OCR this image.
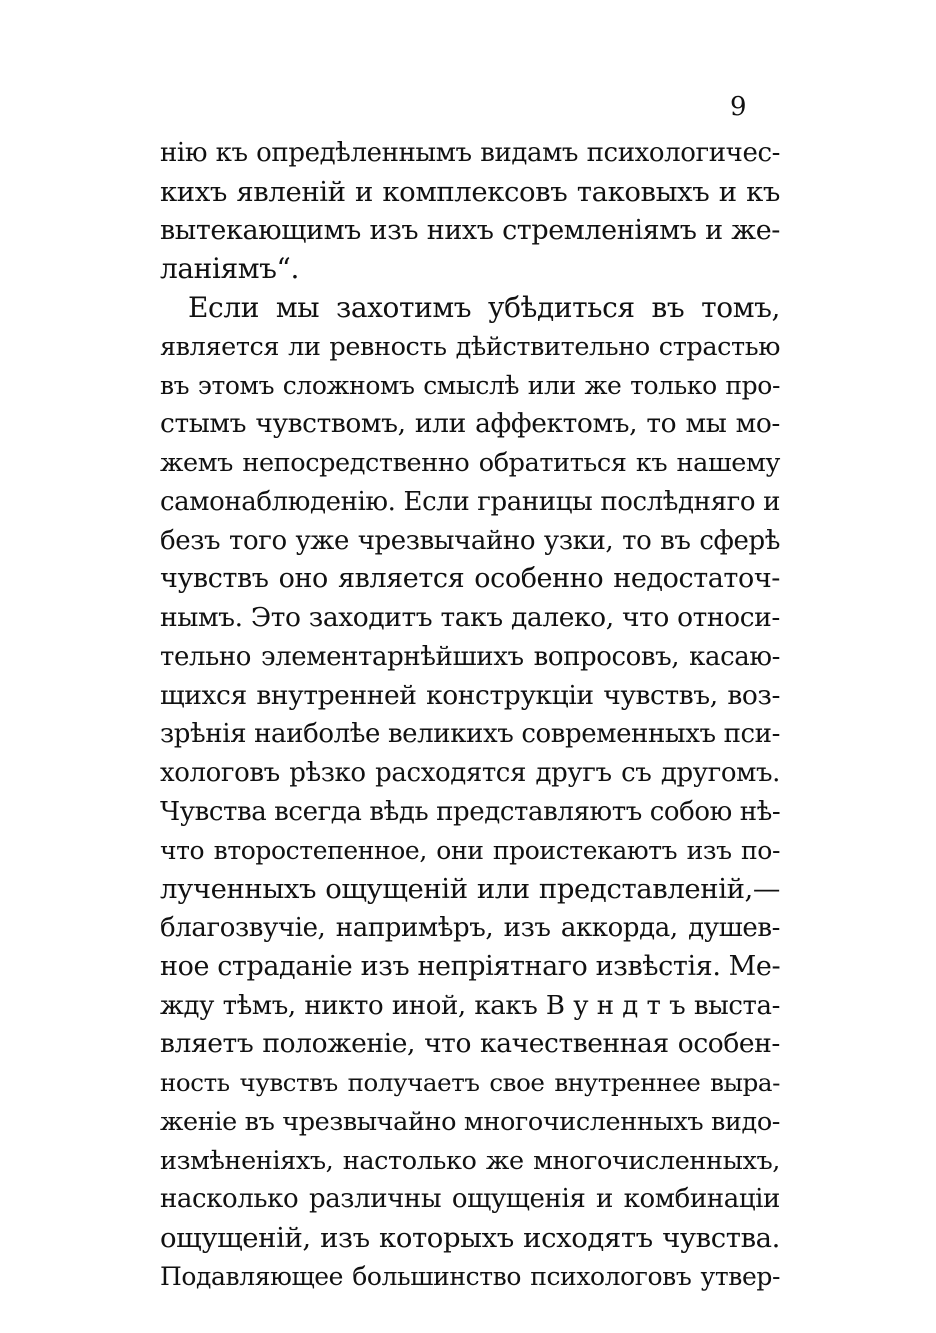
9
нію къ опредѣленнымъ видамъ психологичес-
кихъ явленій и комплексовъ таковыхъ и къ
вытекающимъ изъ нихъ стремленіямъ и же-
ланіямъ“.
Если мы захотимъ убѣдиться въ томъ,
является ли ревность дѣйствительно страстью
въ этомъ сложномъ смыслѣ или же только про-
стымъ чувствомъ, или аффектомъ, то мы мо-
жемъ непосредственно обратиться къ нашему
самонаблюденію. Если границы послѣдняго и
безъ того уже чрезвычайно узки, то въ сферѣ
чувствъ оно является особенно недостаточ-
нымъ. Это заходитъ такъ далеко, что относи-
тельно элементарнѣйшихъ вопросовъ, касаю-
щихся внутренней конструкціи чувствъ, воз-
зрѣнія наиболѣе великихъ современныхъ пси-
хологовъ рѣзко расходятся другъ съ другомъ.
Чувства всегда вѣдь представляютъ собою нѣ-
что второстепенное, они проистекаютъ изъ по-
лученныхъ ощущеній или представленій,—
благозвучіе, напримѣръ, изъ аккорда, душев-
ное страданіе изъ непріятнаго извѣстія. Ме-
жду тѣмъ, никто иной, какъ В у н д т ъ выста-
вляетъ положеніе, что качественная особен-
ность чувствъ получаетъ свое внутреннее выра-
женіе въ чрезвычайно многочисленныхъ видо-
измѣненіяхъ, настолько же многочисленныхъ,
насколько различны ощущенія и комбинаціи
ощущеній, изъ которыхъ исходятъ чувства.
Подавляющее большинство психологовъ утвер-
